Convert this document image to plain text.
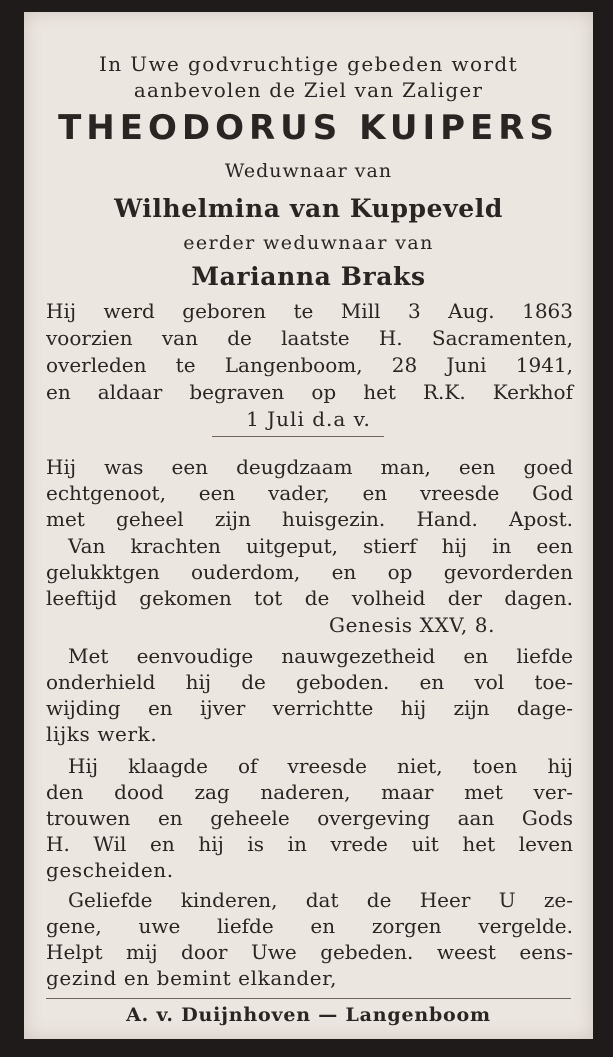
In Uwe godvruchtige gebeden wordt
aanbevolen de Ziel van Zaliger
THEODORUS KUIPERS
Weduwnaar van
Wilhelmina van Kuppeveld
eerder weduwnaar van
Marianna Braks
Hij werd geboren te Mill 3 Aug. 1863
voorzien van de laatste H. Sacramenten,
overleden te Langenboom, 28 Juni 1941,
en aldaar begraven op het R.K. Kerkhof
1 Juli d.a v.
Hij was een deugdzaam man, een goed
echtgenoot, een vader, en vreesde God
met geheel zijn huisgezin. Hand. Apost.
Van krachten uitgeput, stierf hij in een
gelukktgen ouderdom, en op gevorderden
leeftijd gekomen tot de volheid der dagen.
Genesis XXV, 8.
Met eenvoudige nauwgezetheid en liefde
onderhield hij de geboden. en vol toe-
wijding en ijver verrichtte hij zijn dage-
lijks werk.
Hij klaagde of vreesde niet, toen hij
den dood zag naderen, maar met ver-
trouwen en geheele overgeving aan Gods
H. Wil en hij is in vrede uit het leven
gescheiden.
Geliefde kinderen, dat de Heer U ze-
gene, uwe liefde en zorgen vergelde.
Helpt mij door Uwe gebeden. weest eens-
gezind en bemint elkander,
A. v. Duijnhoven — Langenboom
